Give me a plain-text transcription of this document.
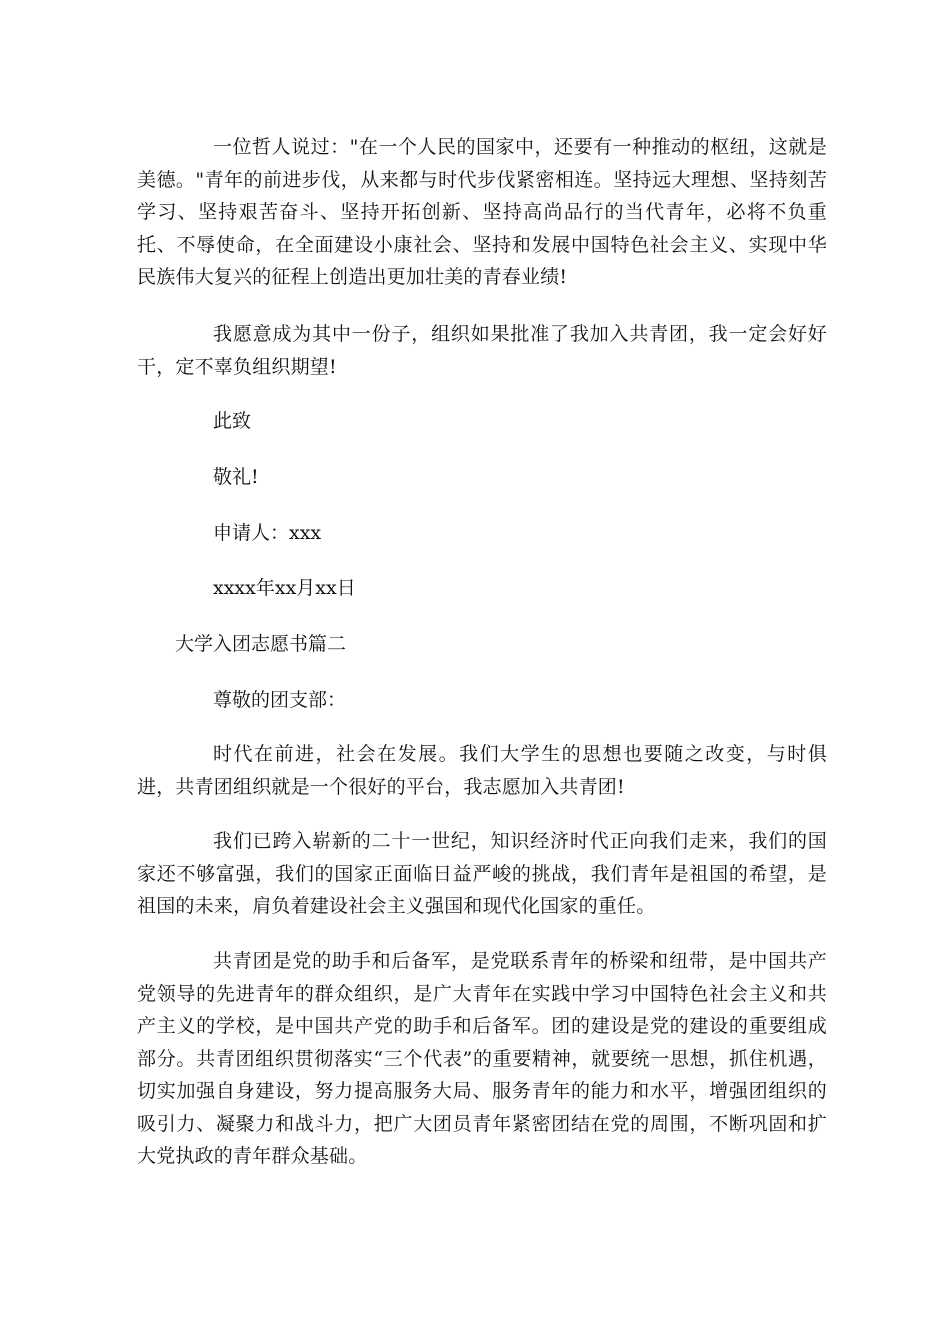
一位哲人说过："在一个人民的国家中，还要有一种推动的枢纽，这就是美德。"青年的前进步伐，从来都与时代步伐紧密相连。坚持远大理想、坚持刻苦学习、坚持艰苦奋斗、坚持开拓创新、坚持高尚品行的当代青年，必将不负重托、不辱使命，在全面建设小康社会、坚持和发展中国特色社会主义、实现中华民族伟大复兴的征程上创造出更加壮美的青春业绩!

我愿意成为其中一份子，组织如果批准了我加入共青团，我一定会好好干，定不辜负组织期望!

此致

敬礼!

申请人：xxx

xxxx年xx月xx日

大学入团志愿书篇二

尊敬的团支部：

时代在前进，社会在发展。我们大学生的思想也要随之改变，与时俱进，共青团组织就是一个很好的平台，我志愿加入共青团!

我们已跨入崭新的二十一世纪，知识经济时代正向我们走来，我们的国家还不够富强，我们的国家正面临日益严峻的挑战，我们青年是祖国的希望，是祖国的未来，肩负着建设社会主义强国和现代化国家的重任。

共青团是党的助手和后备军，是党联系青年的桥梁和纽带，是中国共产党领导的先进青年的群众组织，是广大青年在实践中学习中国特色社会主义和共产主义的学校，是中国共产党的助手和后备军。团的建设是党的建设的重要组成部分。共青团组织贯彻落实“三个代表”的重要精神，就要统一思想，抓住机遇，切实加强自身建设，努力提高服务大局、服务青年的能力和水平，增强团组织的吸引力、凝聚力和战斗力，把广大团员青年紧密团结在党的周围，不断巩固和扩大党执政的青年群众基础。
